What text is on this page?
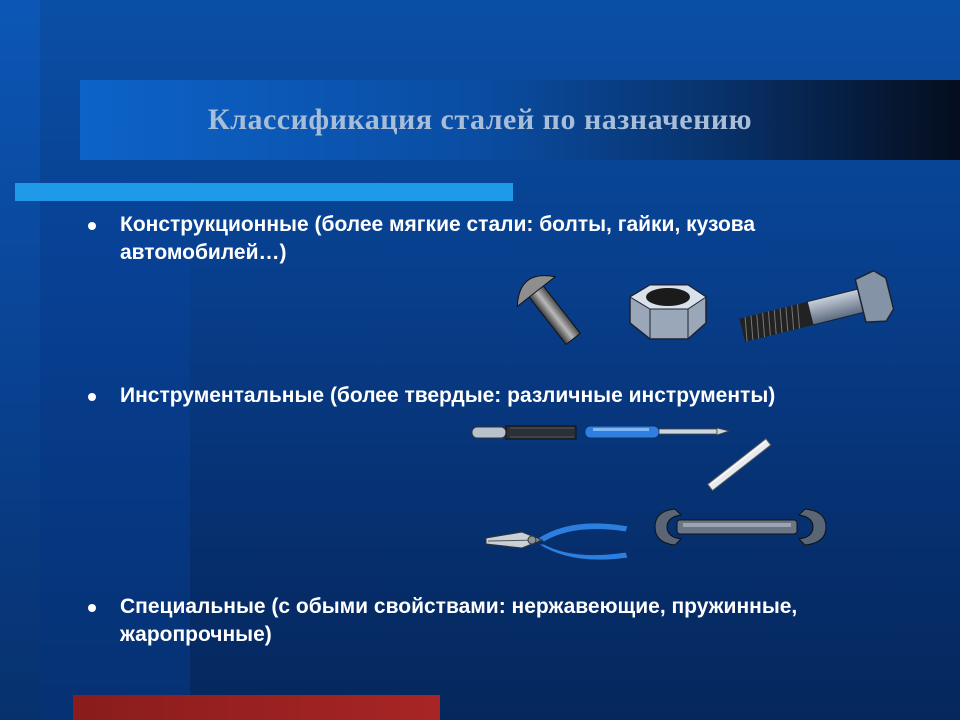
Классификация сталей по назначению
Конструкционные (более мягкие стали: болты, гайки, кузова автомобилей…)
Инструментальные (более твердые: различные инструменты)
Специальные (с обыми свойствами: нержавеющие, пружинные, жаропрочные)
